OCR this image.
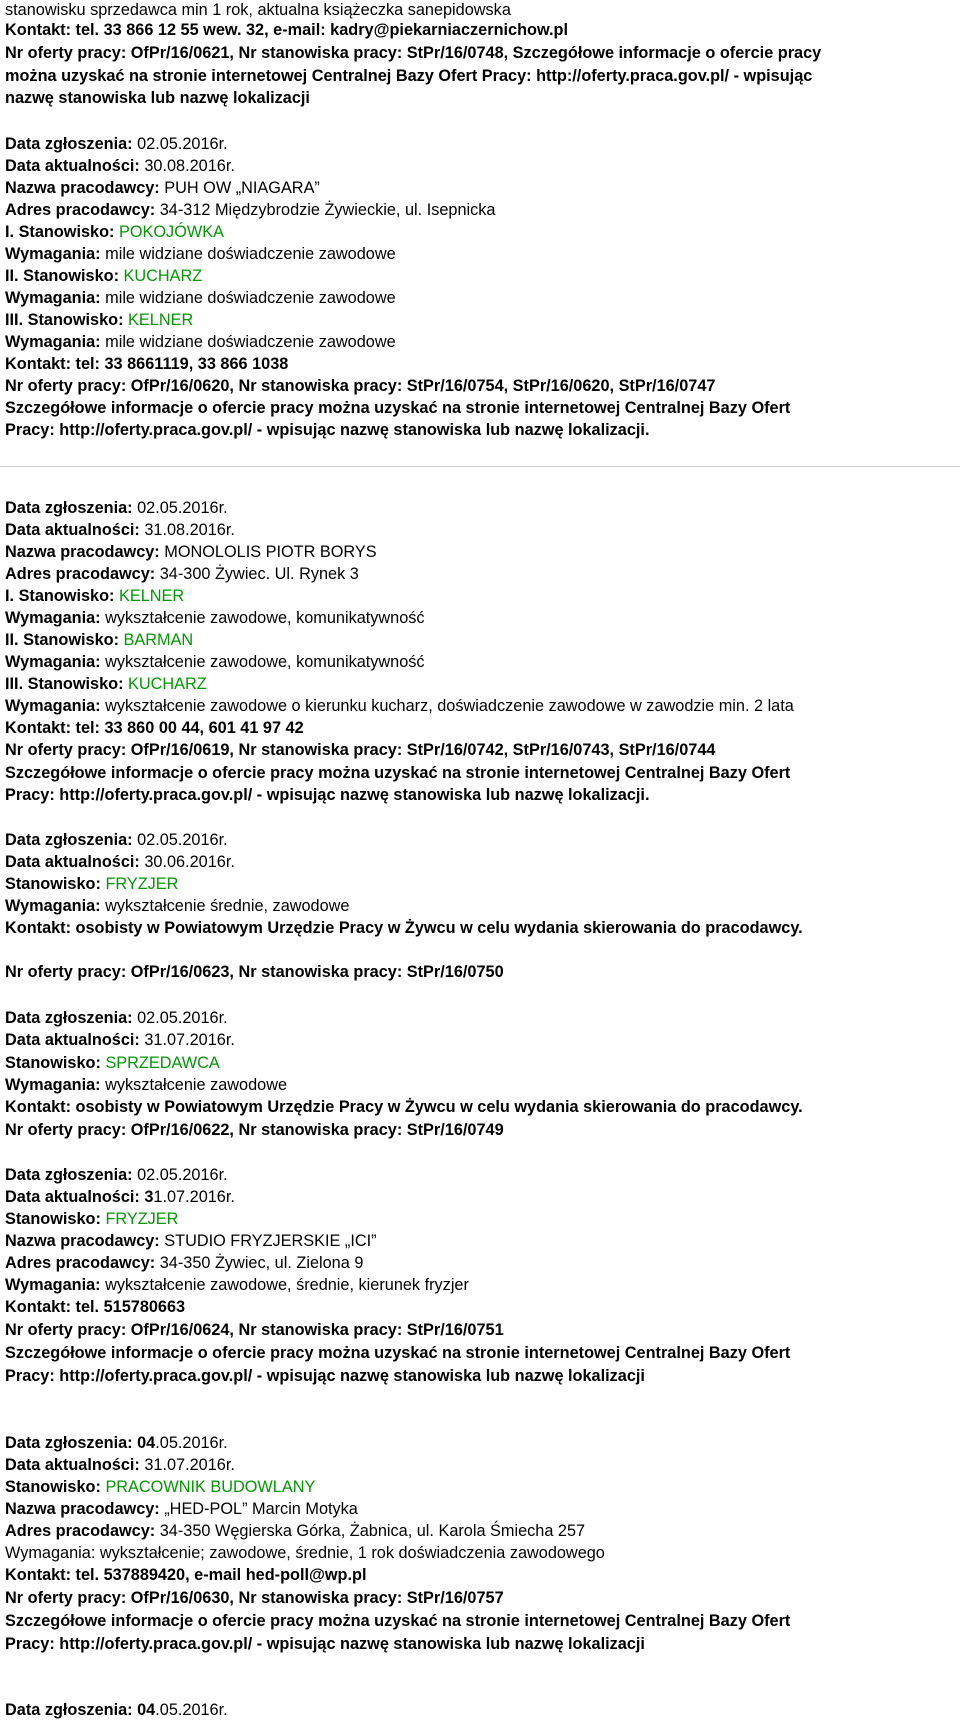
stanowisku sprzedawca min 1 rok, aktualna książeczka sanepidowska
Kontakt: tel. 33 866 12 55 wew. 32, e-mail: kadry@piekarniaczernichow.pl
Nr oferty pracy: OfPr/16/0621, Nr stanowiska pracy: StPr/16/0748, Szczegółowe informacje o ofercie pracy
można uzyskać na stronie internetowej Centralnej Bazy Ofert Pracy: http://oferty.praca.gov.pl/ - wpisując
nazwę stanowiska lub nazwę lokalizacji
Data zgłoszenia: 02.05.2016r.
Data aktualności: 30.08.2016r.
Nazwa pracodawcy: PUH OW „NIAGARA”
Adres pracodawcy: 34-312 Międzybrodzie Żywieckie, ul. Isepnicka
I. Stanowisko: POKOJÓWKA
Wymagania: mile widziane doświadczenie zawodowe
II. Stanowisko: KUCHARZ
Wymagania: mile widziane doświadczenie zawodowe
III. Stanowisko: KELNER
Wymagania: mile widziane doświadczenie zawodowe
Kontakt: tel: 33 8661119, 33 866 1038
Nr oferty pracy: OfPr/16/0620, Nr stanowiska pracy: StPr/16/0754, StPr/16/0620, StPr/16/0747
Szczegółowe informacje o ofercie pracy można uzyskać na stronie internetowej Centralnej Bazy Ofert
Pracy: http://oferty.praca.gov.pl/ - wpisując nazwę stanowiska lub nazwę lokalizacji.
Data zgłoszenia: 02.05.2016r.
Data aktualności: 31.08.2016r.
Nazwa pracodawcy: MONOLOLIS PIOTR BORYS
Adres pracodawcy: 34-300 Żywiec. Ul. Rynek 3
I. Stanowisko: KELNER
Wymagania: wykształcenie zawodowe, komunikatywność
II. Stanowisko: BARMAN
Wymagania: wykształcenie zawodowe, komunikatywność
III. Stanowisko: KUCHARZ
Wymagania: wykształcenie zawodowe o kierunku kucharz, doświadczenie zawodowe w zawodzie min. 2 lata
Kontakt: tel: 33 860 00 44, 601 41 97 42
Nr oferty pracy: OfPr/16/0619, Nr stanowiska pracy: StPr/16/0742, StPr/16/0743, StPr/16/0744
Szczegółowe informacje o ofercie pracy można uzyskać na stronie internetowej Centralnej Bazy Ofert
Pracy: http://oferty.praca.gov.pl/ - wpisując nazwę stanowiska lub nazwę lokalizacji.
Data zgłoszenia: 02.05.2016r.
Data aktualności: 30.06.2016r.
Stanowisko: FRYZJER
Wymagania: wykształcenie średnie, zawodowe
Kontakt: osobisty w Powiatowym Urzędzie Pracy w Żywcu w celu wydania skierowania do pracodawcy.
Nr oferty pracy: OfPr/16/0623, Nr stanowiska pracy: StPr/16/0750
Data zgłoszenia: 02.05.2016r.
Data aktualności: 31.07.2016r.
Stanowisko: SPRZEDAWCA
Wymagania: wykształcenie zawodowe
Kontakt: osobisty w Powiatowym Urzędzie Pracy w Żywcu w celu wydania skierowania do pracodawcy.
Nr oferty pracy: OfPr/16/0622, Nr stanowiska pracy: StPr/16/0749
Data zgłoszenia: 02.05.2016r.
Data aktualności: 31.07.2016r.
Stanowisko: FRYZJER
Nazwa pracodawcy: STUDIO FRYZJERSKIE „ICI”
Adres pracodawcy: 34-350 Żywiec, ul. Zielona 9
Wymagania: wykształcenie zawodowe, średnie, kierunek fryzjer
Kontakt: tel. 515780663
Nr oferty pracy: OfPr/16/0624, Nr stanowiska pracy: StPr/16/0751
Szczegółowe informacje o ofercie pracy można uzyskać na stronie internetowej Centralnej Bazy Ofert
Pracy: http://oferty.praca.gov.pl/ - wpisując nazwę stanowiska lub nazwę lokalizacji
Data zgłoszenia: 04.05.2016r.
Data aktualności: 31.07.2016r.
Stanowisko: PRACOWNIK BUDOWLANY
Nazwa pracodawcy: „HED-POL” Marcin Motyka
Adres pracodawcy: 34-350 Węgierska Górka, Żabnica, ul. Karola Śmiecha 257
Wymagania: wykształcenie; zawodowe, średnie, 1 rok doświadczenia zawodowego
Kontakt: tel. 537889420, e-mail hed-poll@wp.pl
Nr oferty pracy: OfPr/16/0630, Nr stanowiska pracy: StPr/16/0757
Szczegółowe informacje o ofercie pracy można uzyskać na stronie internetowej Centralnej Bazy Ofert
Pracy: http://oferty.praca.gov.pl/ - wpisując nazwę stanowiska lub nazwę lokalizacji
Data zgłoszenia: 04.05.2016r.
